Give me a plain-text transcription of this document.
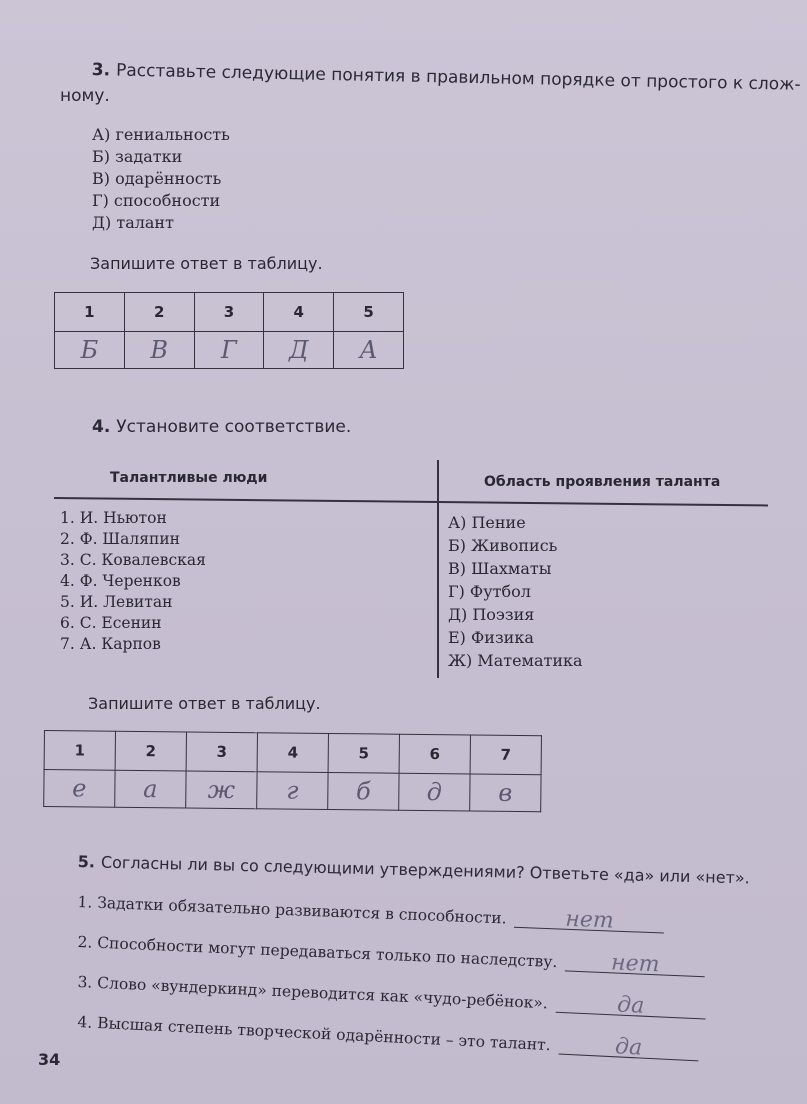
3. Расставьте следующие понятия в правильном порядке от простого к слож-
ному.
А) гениальность
Б) задатки
В) одарённость
Г) способности
Д) талант
Запишите ответ в таблицу.
1	2	3	4	5
Б	В	Г	Д	А
4. Установите соответствие.
Талантливые люди	Область проявления таланта
1. И. Ньютон
2. Ф. Шаляпин
3. С. Ковалевская
4. Ф. Черенков
5. И. Левитан
6. С. Есенин
7. А. Карпов
А) Пение
Б) Живопись
В) Шахматы
Г) Футбол
Д) Поэзия
Е) Физика
Ж) Математика
Запишите ответ в таблицу.
1	2	3	4	5	6	7
е	а	ж	г	б	д	в
5. Согласны ли вы со следующими утверждениями? Ответьте «да» или «нет».
1. Задатки обязательно развиваются в способности.	нет
2. Способности могут передаваться только по наследству. нет
3. Слово «вундеркинд» переводится как «чудо-ребёнок».	да
4. Высшая степень творческой одарённости – это талант.	да
34
